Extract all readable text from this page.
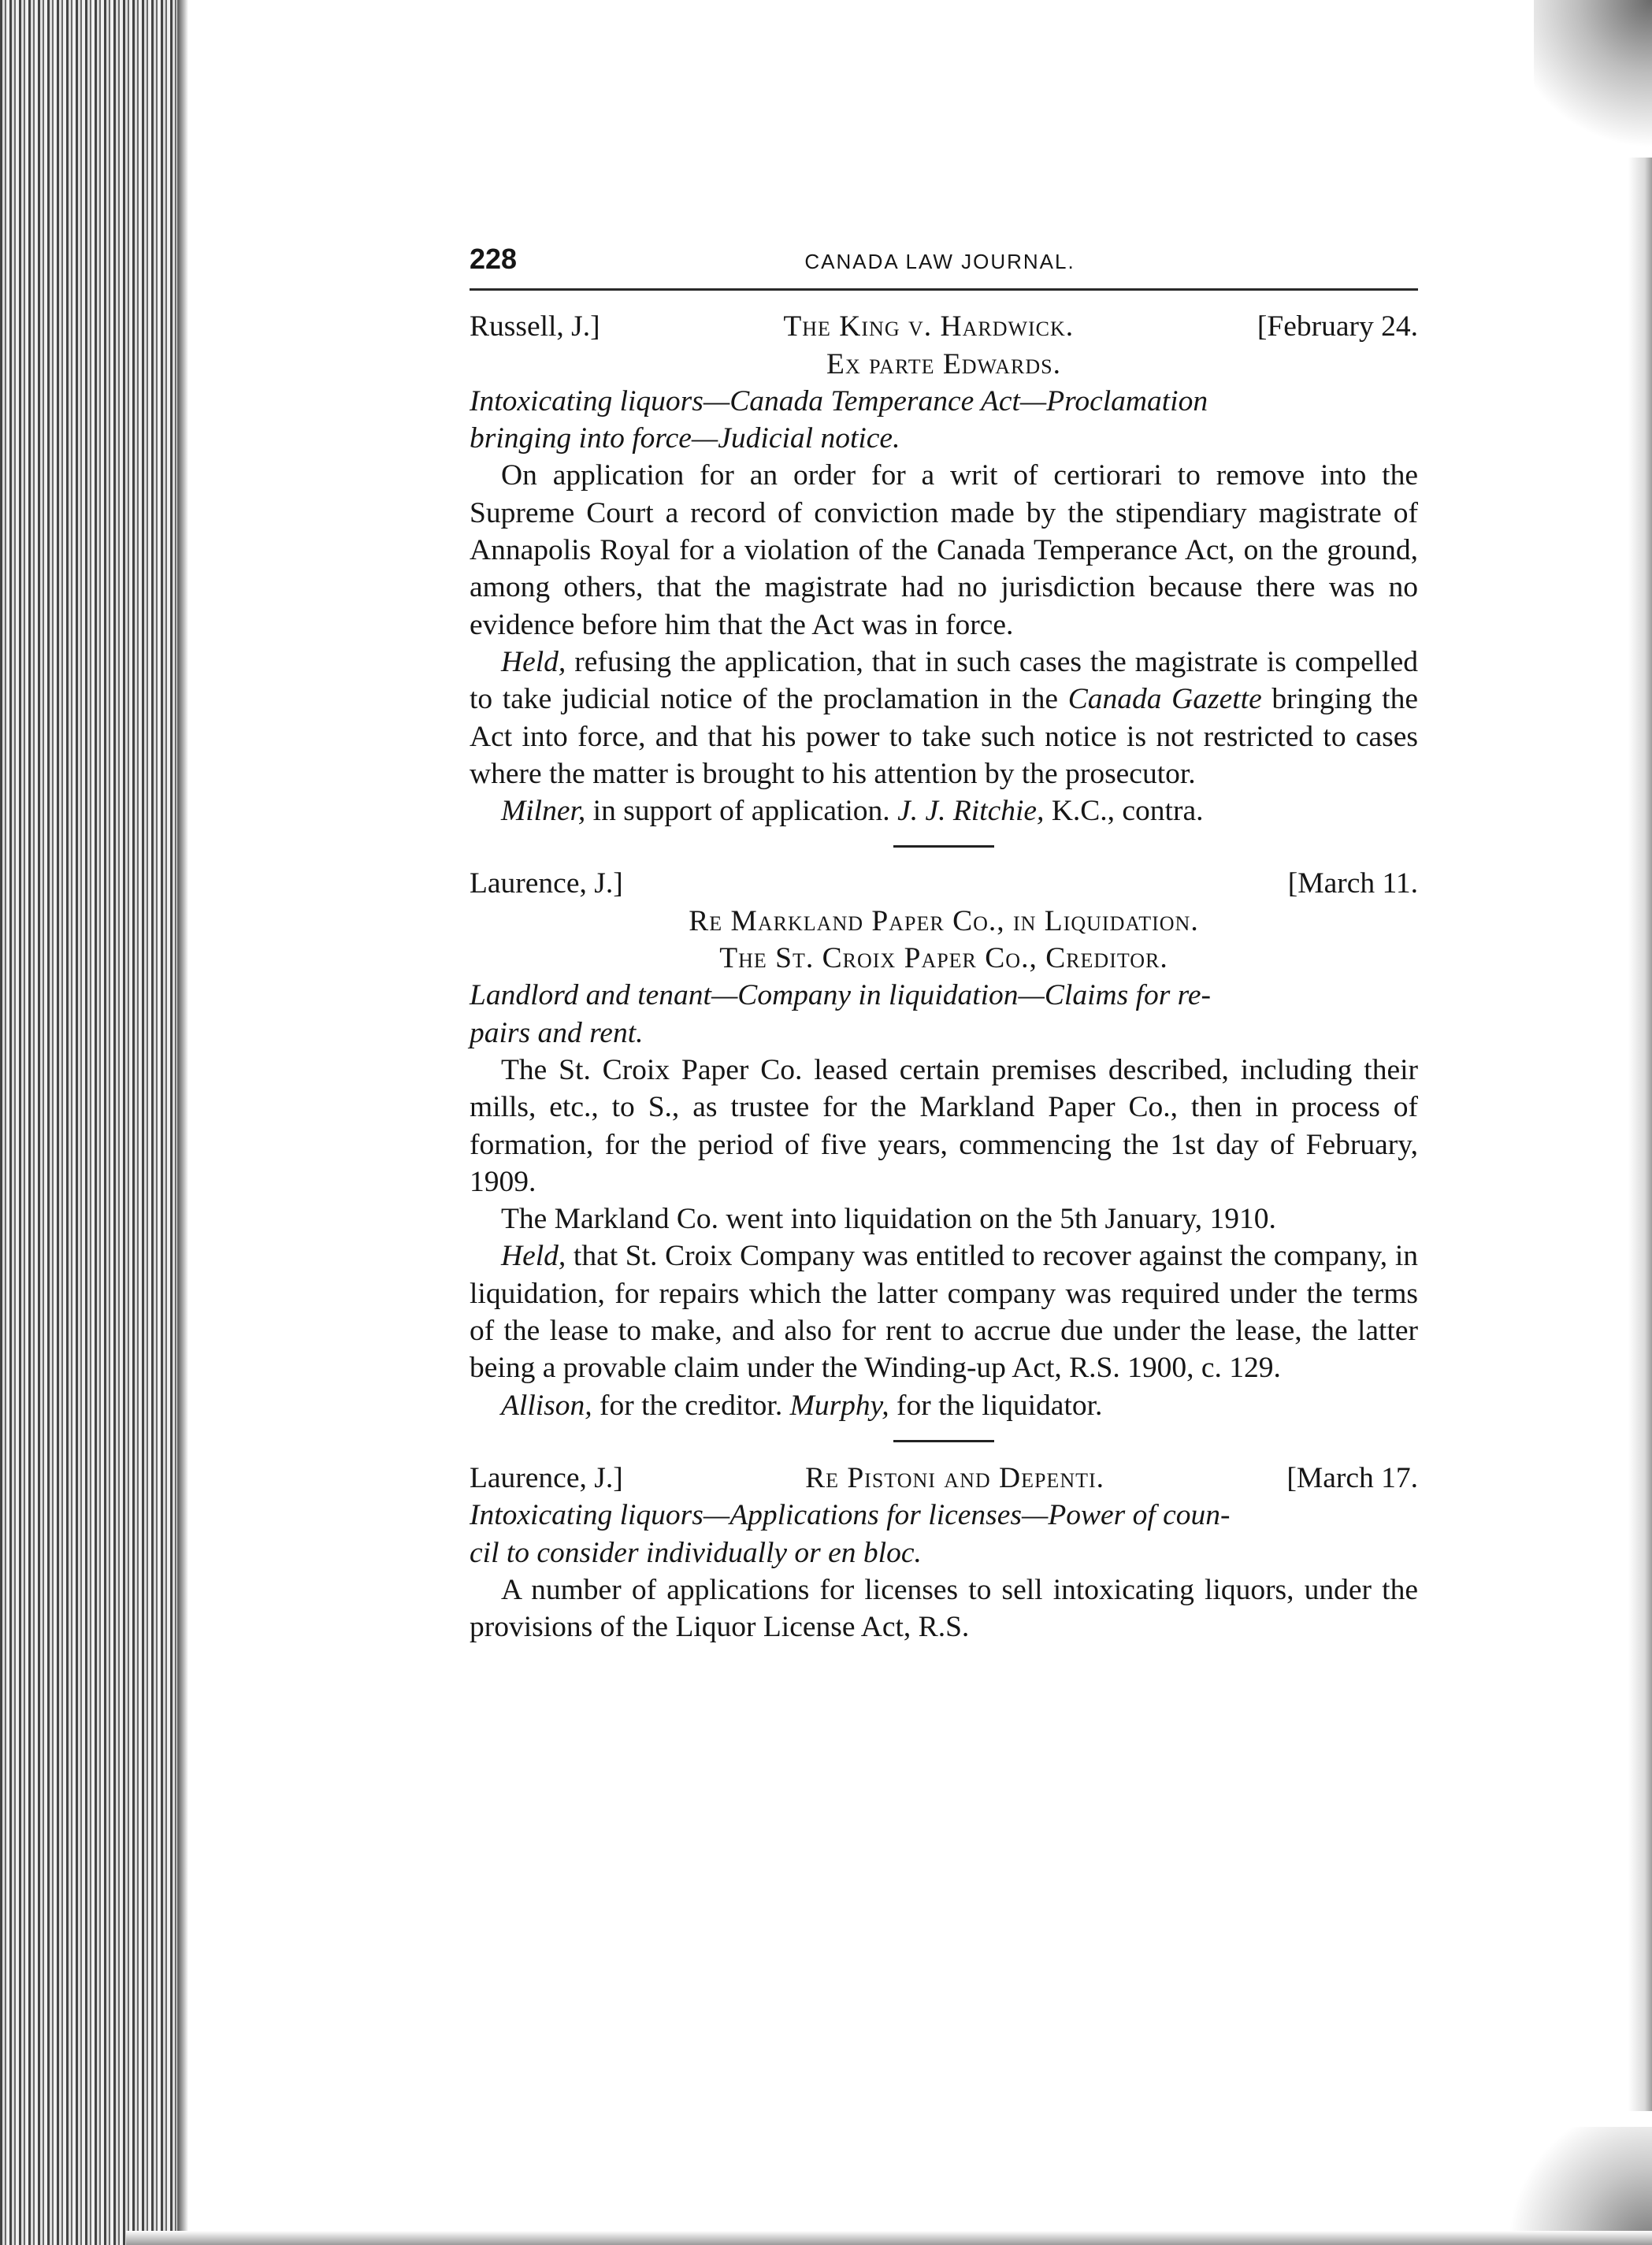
228	CANADA LAW JOURNAL.
Russell, J.]	The King v. Hardwick.	[February 24.
Ex parte Edwards.
Intoxicating liquors—Canada Temperance Act—Proclamation
bringing into force—Judicial notice.

On application for an order for a writ of certiorari to remove into the Supreme Court a record of conviction made by the stipendiary magistrate of Annapolis Royal for a violation of the Canada Temperance Act, on the ground, among others, that the magistrate had no jurisdiction because there was no evidence before him that the Act was in force.

Held, refusing the application, that in such cases the magistrate is compelled to take judicial notice of the proclamation in the Canada Gazette bringing the Act into force, and that his power to take such notice is not restricted to cases where the matter is brought to his attention by the prosecutor.

Milner, in support of application. J. J. Ritchie, K.C., contra.

Laurence, J.]	[March 11.
Re Markland Paper Co., in Liquidation.
The St. Croix Paper Co., Creditor.
Landlord and tenant—Company in liquidation—Claims for re-
pairs and rent.

The St. Croix Paper Co. leased certain premises described, including their mills, etc., to S., as trustee for the Markland Paper Co., then in process of formation, for the period of five years, commencing the 1st day of February, 1909.

The Markland Co. went into liquidation on the 5th January, 1910.

Held, that St. Croix Company was entitled to recover against the company, in liquidation, for repairs which the latter company was required under the terms of the lease to make, and also for rent to accrue due under the lease, the latter being a provable claim under the Winding-up Act, R.S. 1900, c. 129.

Allison, for the creditor. Murphy, for the liquidator.

Laurence, J.]	Re Pistoni and Depenti.	[March 17.
Intoxicating liquors—Applications for licenses—Power of coun-
cil to consider individually or en bloc.

A number of applications for licenses to sell intoxicating liquors, under the provisions of the Liquor License Act, R.S.
